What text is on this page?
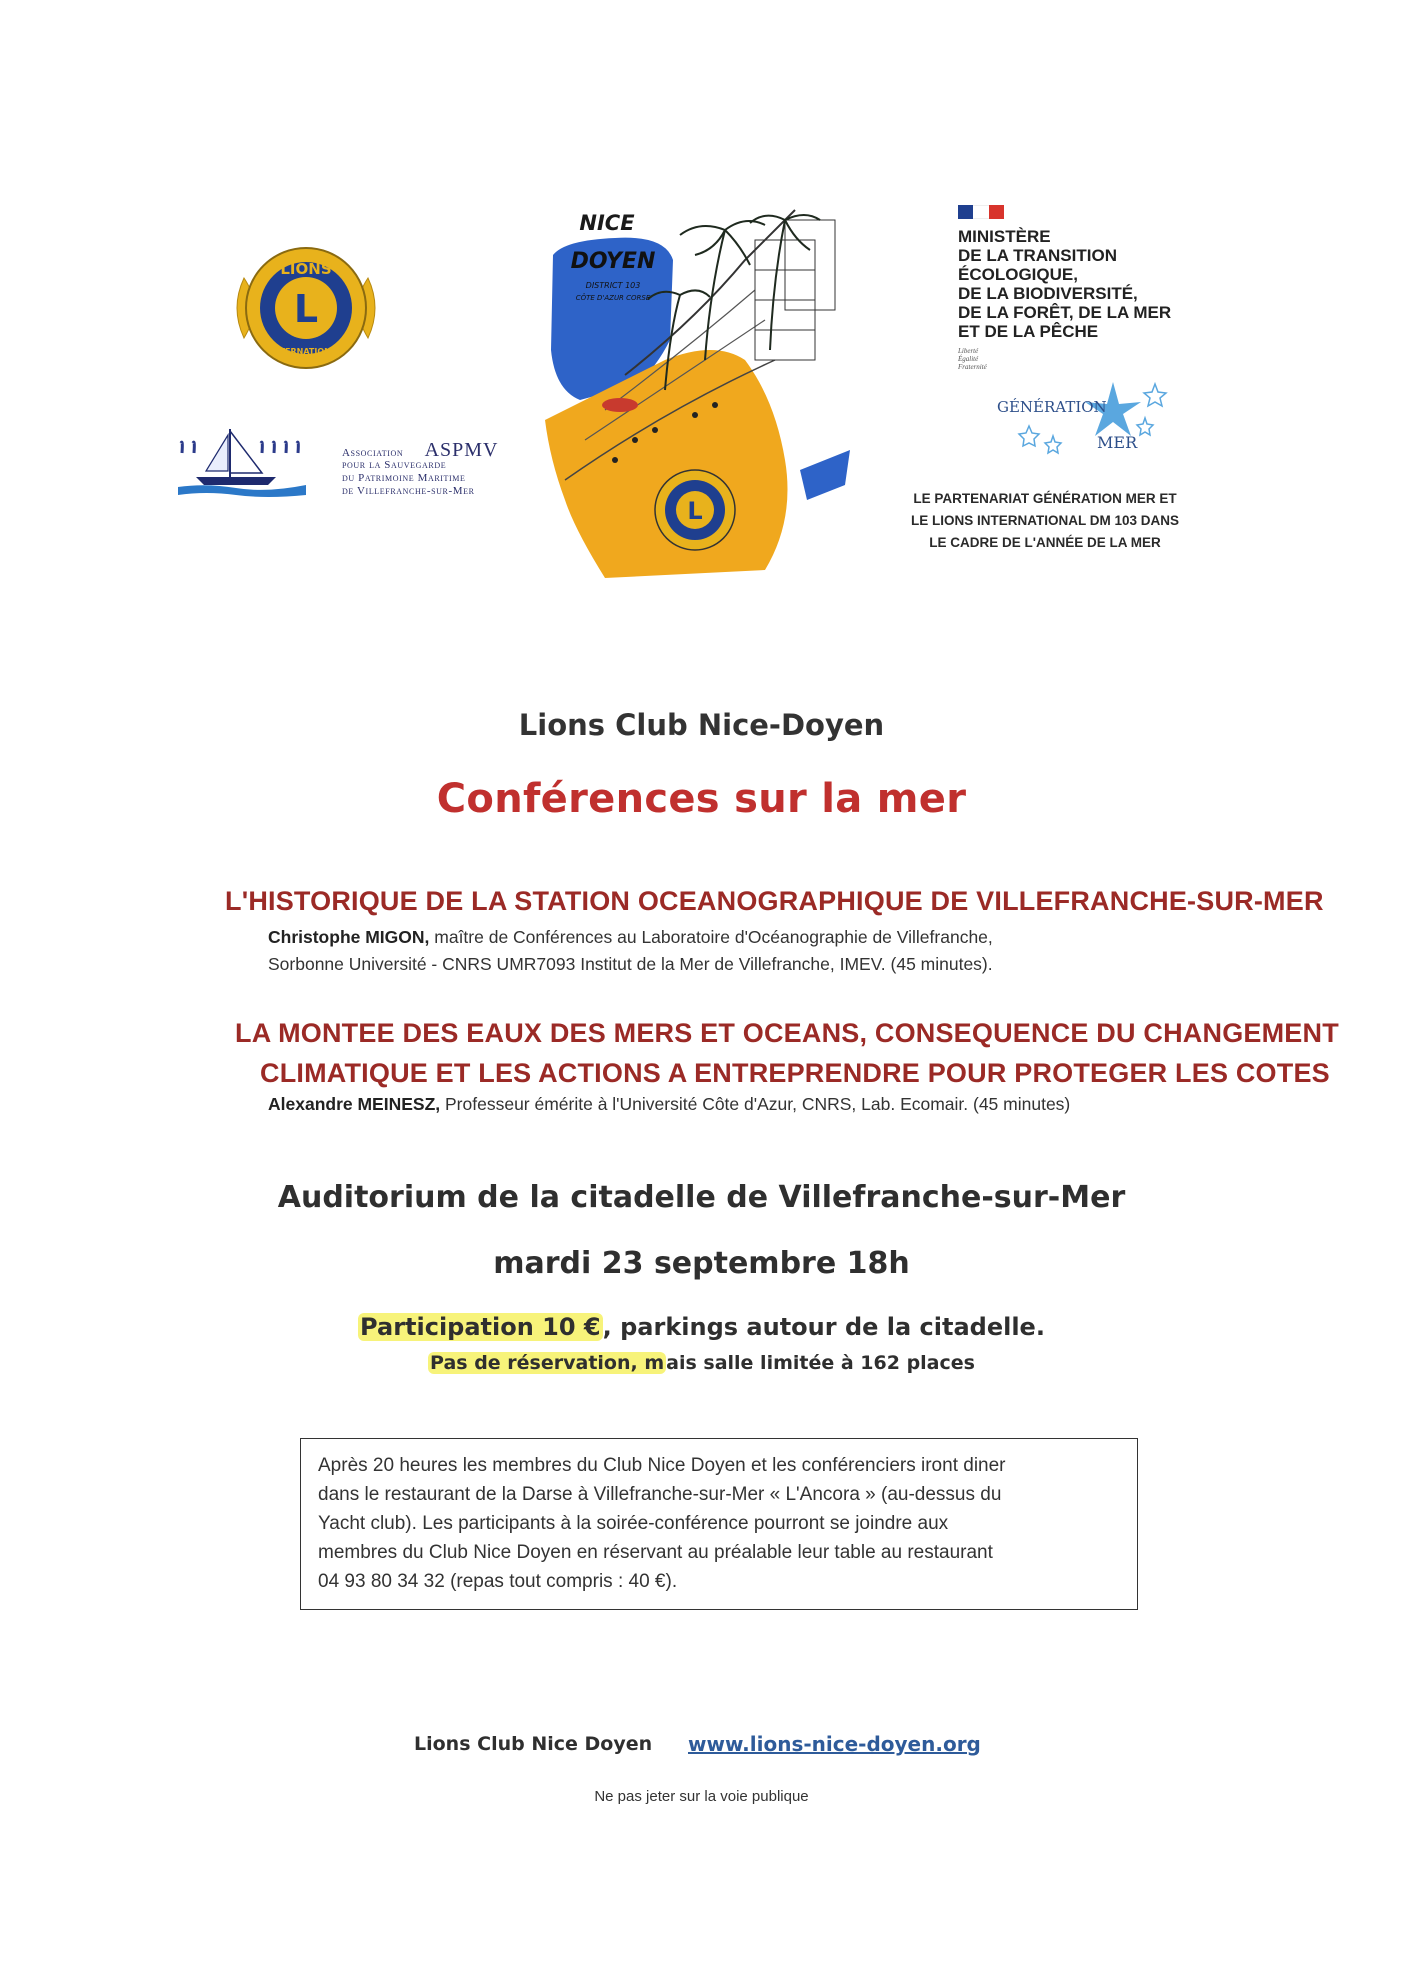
L
LIONS
INTERNATIONAL
Association ASPMV
pour la Sauvegarde
du Patrimoine Maritime
de Villefranche-sur-Mer
L
NICE
DOYEN
DISTRICT 103
CÔTE D'AZUR CORSE
MINISTÈRE
DE LA TRANSITION
ÉCOLOGIQUE,
DE LA BIODIVERSITÉ,
DE LA FORÊT, DE LA MER
ET DE LA PÊCHE
Liberté
Égalité
Fraternité
GÉNÉRATION
MER
LE PARTENARIAT GÉNÉRATION MER ET
LE LIONS INTERNATIONAL DM 103 DANS
LE CADRE DE L'ANNÉE DE LA MER
Lions Club Nice-Doyen
Conférences sur la mer
L'HISTORIQUE DE LA STATION OCEANOGRAPHIQUE DE VILLEFRANCHE-SUR-MER
Christophe MIGON, maître de Conférences au Laboratoire d'Océanographie de Villefranche,
Sorbonne Université - CNRS UMR7093 Institut de la Mer de Villefranche, IMEV. (45 minutes).
LA MONTEE DES EAUX DES MERS ET OCEANS, CONSEQUENCE DU CHANGEMENT
CLIMATIQUE ET LES ACTIONS A ENTREPRENDRE POUR PROTEGER LES COTES
Alexandre MEINESZ, Professeur émérite à l'Université Côte d'Azur, CNRS, Lab. Ecomair. (45 minutes)
Auditorium de la citadelle de Villefranche-sur-Mer
mardi 23 septembre 18h
Participation 10 €, parkings autour de la citadelle.
Pas de réservation, m ais salle limitée à 162 places

Après 20 heures les membres du Club Nice Doyen et les conférenciers iront diner

dans le restaurant de la Darse à Villefranche-sur-Mer « L'Ancora » (au-dessus du

Yacht club). Les participants à la soirée-conférence pourront se joindre aux

membres du Club Nice Doyen en réservant au préalable leur table au restaurant

04 93 80 34 32 (repas tout compris : 40 €).

Lions Club Nice Doyen www.lions-nice-doyen.org
Ne pas jeter sur la voie publique
